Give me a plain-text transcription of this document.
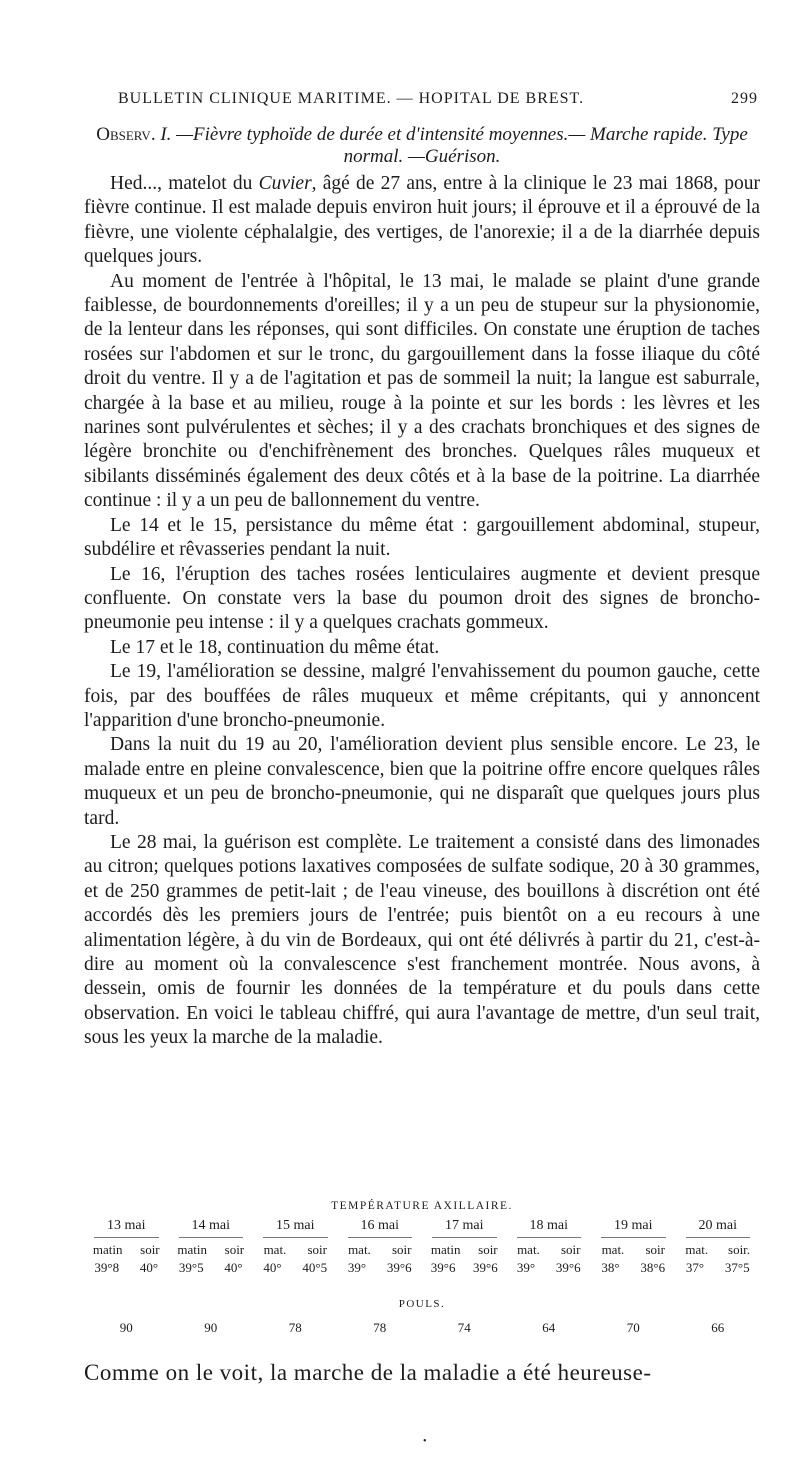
BULLETIN CLINIQUE MARITIME. — HOPITAL DE BREST.	299
Observ. I. —Fièvre typhoïde de durée et d'intensité moyennes.— Marche rapide. Type normal. —Guérison.

Hed..., matelot du Cuvier, âgé de 27 ans, entre à la clinique le 23 mai 1868, pour fièvre continue. Il est malade depuis environ huit jours; il éprouve et il a éprouvé de la fièvre, une violente céphalalgie, des vertiges, de l'anorexie; il a de la diarrhée depuis quelques jours.

Au moment de l'entrée à l'hôpital, le 13 mai, le malade se plaint d'une grande faiblesse, de bourdonnements d'oreilles; il y a un peu de stupeur sur la physionomie, de la lenteur dans les réponses, qui sont difficiles. On constate une éruption de taches rosées sur l'abdomen et sur le tronc, du gargouillement dans la fosse iliaque du côté droit du ventre. Il y a de l'agitation et pas de sommeil la nuit; la langue est saburrale, chargée à la base et au milieu, rouge à la pointe et sur les bords : les lèvres et les narines sont pulvérulentes et sèches; il y a des crachats bronchiques et des signes de légère bronchite ou d'enchifrènement des bronches. Quelques râles muqueux et sibilants disséminés également des deux côtés et à la base de la poitrine. La diarrhée continue : il y a un peu de ballonnement du ventre.

Le 14 et le 15, persistance du même état : gargouillement abdominal, stupeur, subdélire et rêvasseries pendant la nuit.

Le 16, l'éruption des taches rosées lenticulaires augmente et devient presque confluente. On constate vers la base du poumon droit des signes de broncho-pneumonie peu intense : il y a quelques crachats gommeux.

Le 17 et le 18, continuation du même état.

Le 19, l'amélioration se dessine, malgré l'envahissement du poumon gauche, cette fois, par des bouffées de râles muqueux et même crépitants, qui y annoncent l'apparition d'une broncho-pneumonie.

Dans la nuit du 19 au 20, l'amélioration devient plus sensible encore. Le 23, le malade entre en pleine convalescence, bien que la poitrine offre encore quelques râles muqueux et un peu de broncho-pneumonie, qui ne disparaît que quelques jours plus tard.

Le 28 mai, la guérison est complète. Le traitement a consisté dans des limonades au citron; quelques potions laxatives composées de sulfate sodique, 20 à 30 grammes, et de 250 grammes de petit-lait ; de l'eau vineuse, des bouillons à discrétion ont été accordés dès les premiers jours de l'entrée; puis bientôt on a eu recours à une alimentation légère, à du vin de Bordeaux, qui ont été délivrés à partir du 21, c'est-à-dire au moment où la convalescence s'est franchement montrée. Nous avons, à dessein, omis de fournir les données de la température et du pouls dans cette observation. En voici le tableau chiffré, qui aura l'avantage de mettre, d'un seul trait, sous les yeux la marche de la maladie.

TEMPÉRATURE AXILLAIRE.
13 mai	14 mai	15 mai	16 mai	17 mai	18 mai	19 mai	20 mai
matin soir matin soir mat. soir mat. soir matin soir mat. soir mat. soir mat. soir.
39°8 40° 39°5 40° 40° 40°5 39° 39°6 39°6 39°6 39° 39°6 38° 38°6 37° 37°5
POULS.
90	90	78	78	74	64	70	66
Comme on le voit, la marche de la maladie a été heureuse-
•
